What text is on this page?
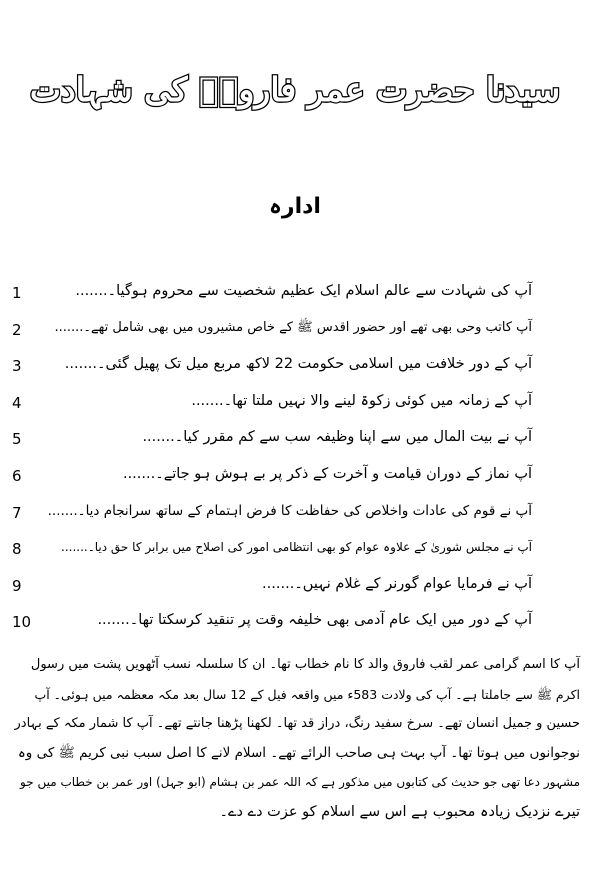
سیدنا حضرت عمر فاروقؓ کی شہادت
ادارہ
1	آپ کی شہادت سے عالم اسلام ایک عظیم شخصیت سے محروم ہوگیا۔.......
2	آپ کاتب وحی بھی تھے اور حضور اقدس ﷺ کے خاص مشیروں میں بھی شامل تھے۔.......
3	آپ کے دور خلافت میں اسلامی حکومت 22 لاکھ مربع میل تک پھیل گئی۔.......
4	آپ کے زمانہ میں کوئی زکوۃ لینے والا نہیں ملتا تھا۔.......
5	آپ نے بیت المال میں سے اپنا وظیفہ سب سے کم مقرر کیا۔.......
6	آپ نماز کے دوران قیامت و آخرت کے ذکر پر بے ہوش ہو جاتے۔.......
7	آپ نے قوم کی عادات واخلاص کی حفاظت کا فرض اہتمام کے ساتھ سرانجام دیا۔.......
8	آپ نے مجلس شوریٰ کے علاوہ عوام کو بھی انتظامی امور کی اصلاح میں برابر کا حق دیا۔.......
9	آپ نے فرمایا عوام گورنر کے غلام نہیں۔.......
10	آپ کے دور میں ایک عام آدمی بھی خلیفہ وقت پر تنقید کرسکتا تھا۔.......
آپ کا اسم گرامی عمر لقب فاروق والد کا نام خطاب تھا۔ ان کا سلسلہ نسب آٹھویں پشت میں رسول
اکرم ﷺ سے جاملتا ہے۔ آپ کی ولادت 583ء میں واقعہ فیل کے 12 سال بعد مکہ معظمہ میں ہوئی۔ آپ
حسین و جمیل انسان تھے۔ سرخ سفید رنگ، دراز قد تھا۔ لکھنا پڑھنا جانتے تھے۔ آپ کا شمار مکہ کے بہادر
نوجوانوں میں ہوتا تھا۔ آپ بہت ہی صاحب الرائے تھے۔ اسلام لانے کا اصل سبب نبی کریم ﷺ کی وہ
مشہور دعا تھی جو حدیث کی کتابوں میں مذکور ہے کہ اللہ عمر بن ہشام (ابو جہل) اور عمر بن خطاب میں جو
تیرے نزدیک زیادہ محبوب ہے اس سے اسلام کو عزت دے دے۔
